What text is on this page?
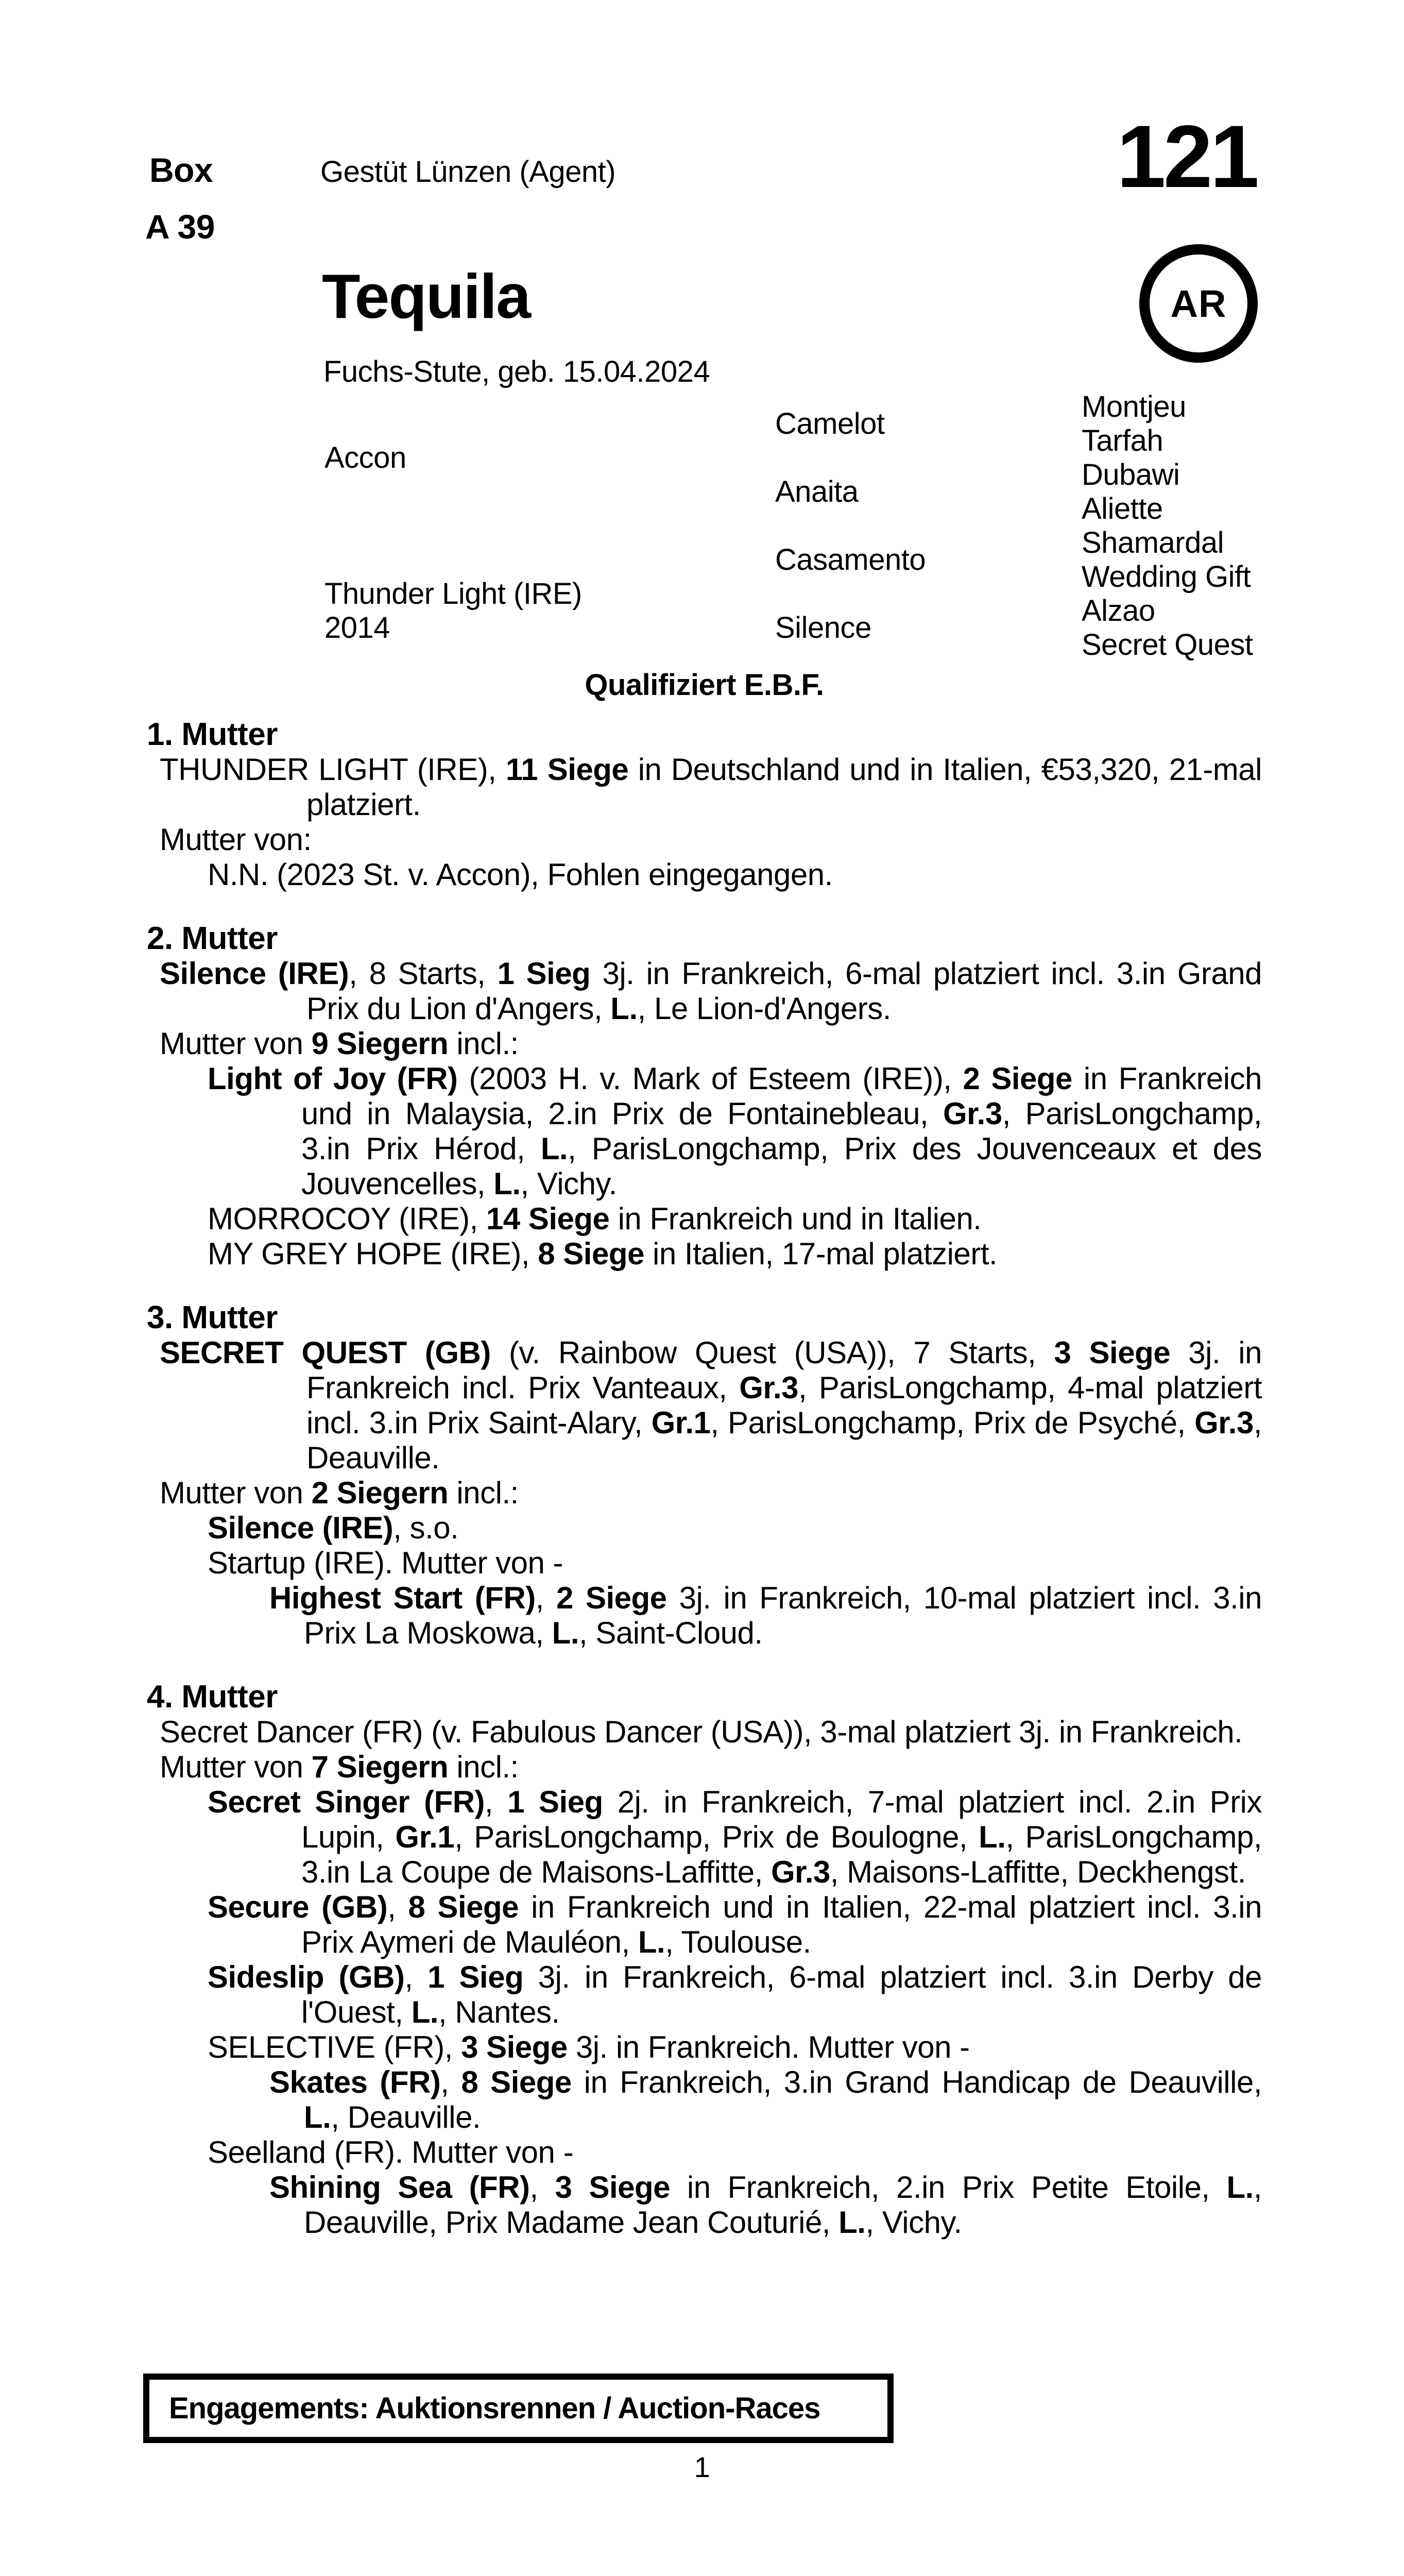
Box
A 39
Gestüt Lünzen (Agent)	121
AR
Tequila
Fuchs-Stute, geb. 15.04.2024
Accon
Thunder Light (IRE)
2014
Camelot
Anaita
Casamento
Silence
Montjeu
Tarfah
Dubawi
Aliette
Shamardal
Wedding Gift
Alzao
Secret Quest
Qualifiziert E.B.F.
1. Mutter
THUNDER LIGHT (IRE), 11 Siege in Deutschland und in Italien, €53,320, 21-mal platziert.
Mutter von:
N.N. (2023 St. v. Accon), Fohlen eingegangen.
2. Mutter
Silence (IRE), 8 Starts, 1 Sieg 3j. in Frankreich, 6-mal platziert incl. 3.in Grand Prix du Lion d'Angers, L., Le Lion-d'Angers.
Mutter von 9 Siegern incl.:
Light of Joy (FR) (2003 H. v. Mark of Esteem (IRE)), 2 Siege in Frankreich und in Malaysia, 2.in Prix de Fontainebleau, Gr.3, ParisLongchamp, 3.in Prix Hérod, L., ParisLongchamp, Prix des Jouvenceaux et des Jouvencelles, L., Vichy.
MORROCOY (IRE), 14 Siege in Frankreich und in Italien.
MY GREY HOPE (IRE), 8 Siege in Italien, 17-mal platziert.
3. Mutter
SECRET QUEST (GB) (v. Rainbow Quest (USA)), 7 Starts, 3 Siege 3j. in Frankreich incl. Prix Vanteaux, Gr.3, ParisLongchamp, 4-mal platziert incl. 3.in Prix Saint-Alary, Gr.1, ParisLongchamp, Prix de Psyché, Gr.3, Deauville.
Mutter von 2 Siegern incl.:
Silence (IRE), s.o.
Startup (IRE). Mutter von -
Highest Start (FR), 2 Siege 3j. in Frankreich, 10-mal platziert incl. 3.in Prix La Moskowa, L., Saint-Cloud.
4. Mutter
Secret Dancer (FR) (v. Fabulous Dancer (USA)), 3-mal platziert 3j. in Frankreich.
Mutter von 7 Siegern incl.:
Secret Singer (FR), 1 Sieg 2j. in Frankreich, 7-mal platziert incl. 2.in Prix Lupin, Gr.1, ParisLongchamp, Prix de Boulogne, L., ParisLongchamp, 3.in La Coupe de Maisons-Laffitte, Gr.3, Maisons-Laffitte, Deckhengst.
Secure (GB), 8 Siege in Frankreich und in Italien, 22-mal platziert incl. 3.in Prix Aymeri de Mauléon, L., Toulouse.
Sideslip (GB), 1 Sieg 3j. in Frankreich, 6-mal platziert incl. 3.in Derby de l'Ouest, L., Nantes.
SELECTIVE (FR), 3 Siege 3j. in Frankreich. Mutter von -
Skates (FR), 8 Siege in Frankreich, 3.in Grand Handicap de Deauville, L., Deauville.
Seelland (FR). Mutter von -
Shining Sea (FR), 3 Siege in Frankreich, 2.in Prix Petite Etoile, L., Deauville, Prix Madame Jean Couturié, L., Vichy.
Engagements: Auktionsrennen / Auction-Races
1
